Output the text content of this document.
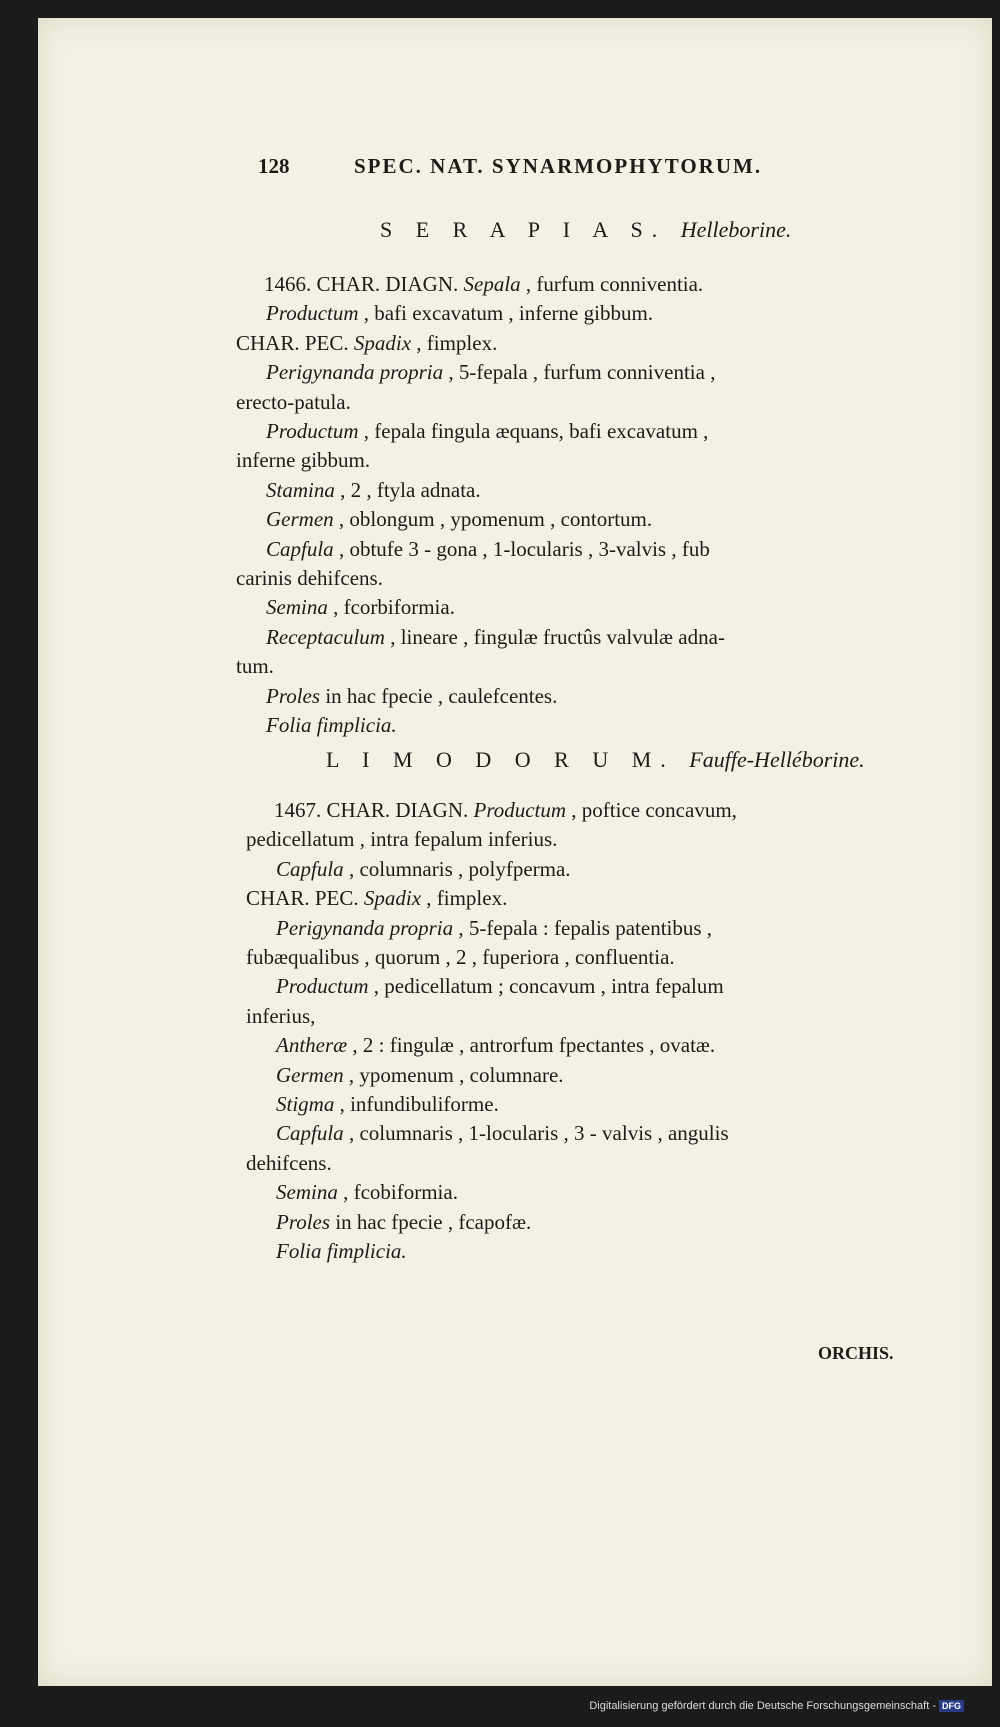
128	SPEC. NAT. SYNARMOPHYTORUM.
S E R A P I A S. Helleborine.
L I M O D O R U M. Fauffe-Helléborine.
ORCHIS.
1466. CHAR. DIAGN. Sepala , furfum conniventia.
Productum , bafi excavatum , inferne gibbum.
CHAR. PEC. Spadix , fimplex.
Perigynanda propria , 5-fepala , furfum conniventia ,
erecto-patula.
Productum , fepala fingula æquans, bafi excavatum ,
inferne gibbum.
Stamina , 2 , ftyla adnata.
Germen , oblongum , ypomenum , contortum.
Capfula , obtufe 3 - gona , 1-locularis , 3-valvis , fub
carinis dehifcens.
Semina , fcorbiformia.
Receptaculum , lineare , fingulæ fructûs valvulæ adna-
tum.
Proles in hac fpecie , caulefcentes.
Folia fimplicia.
1467. CHAR. DIAGN. Productum , poftice concavum,
pedicellatum , intra fepalum inferius.
Capfula , columnaris , polyfperma.
CHAR. PEC. Spadix , fimplex.
Perigynanda propria , 5-fepala : fepalis patentibus ,
fubæqualibus , quorum , 2 , fuperiora , confluentia.
Productum , pedicellatum ; concavum , intra fepalum
inferius,
Antheræ , 2 : fingulæ , antrorfum fpectantes , ovatæ.
Germen , ypomenum , columnare.
Stigma , infundibuliforme.
Capfula , columnaris , 1-locularis , 3 - valvis , angulis
dehifcens.
Semina , fcobiformia.
Proles in hac fpecie , fcapofæ.
Folia fimplicia.
Digitalisierung gefördert durch die Deutsche Forschungsgemeinschaft - DFG
